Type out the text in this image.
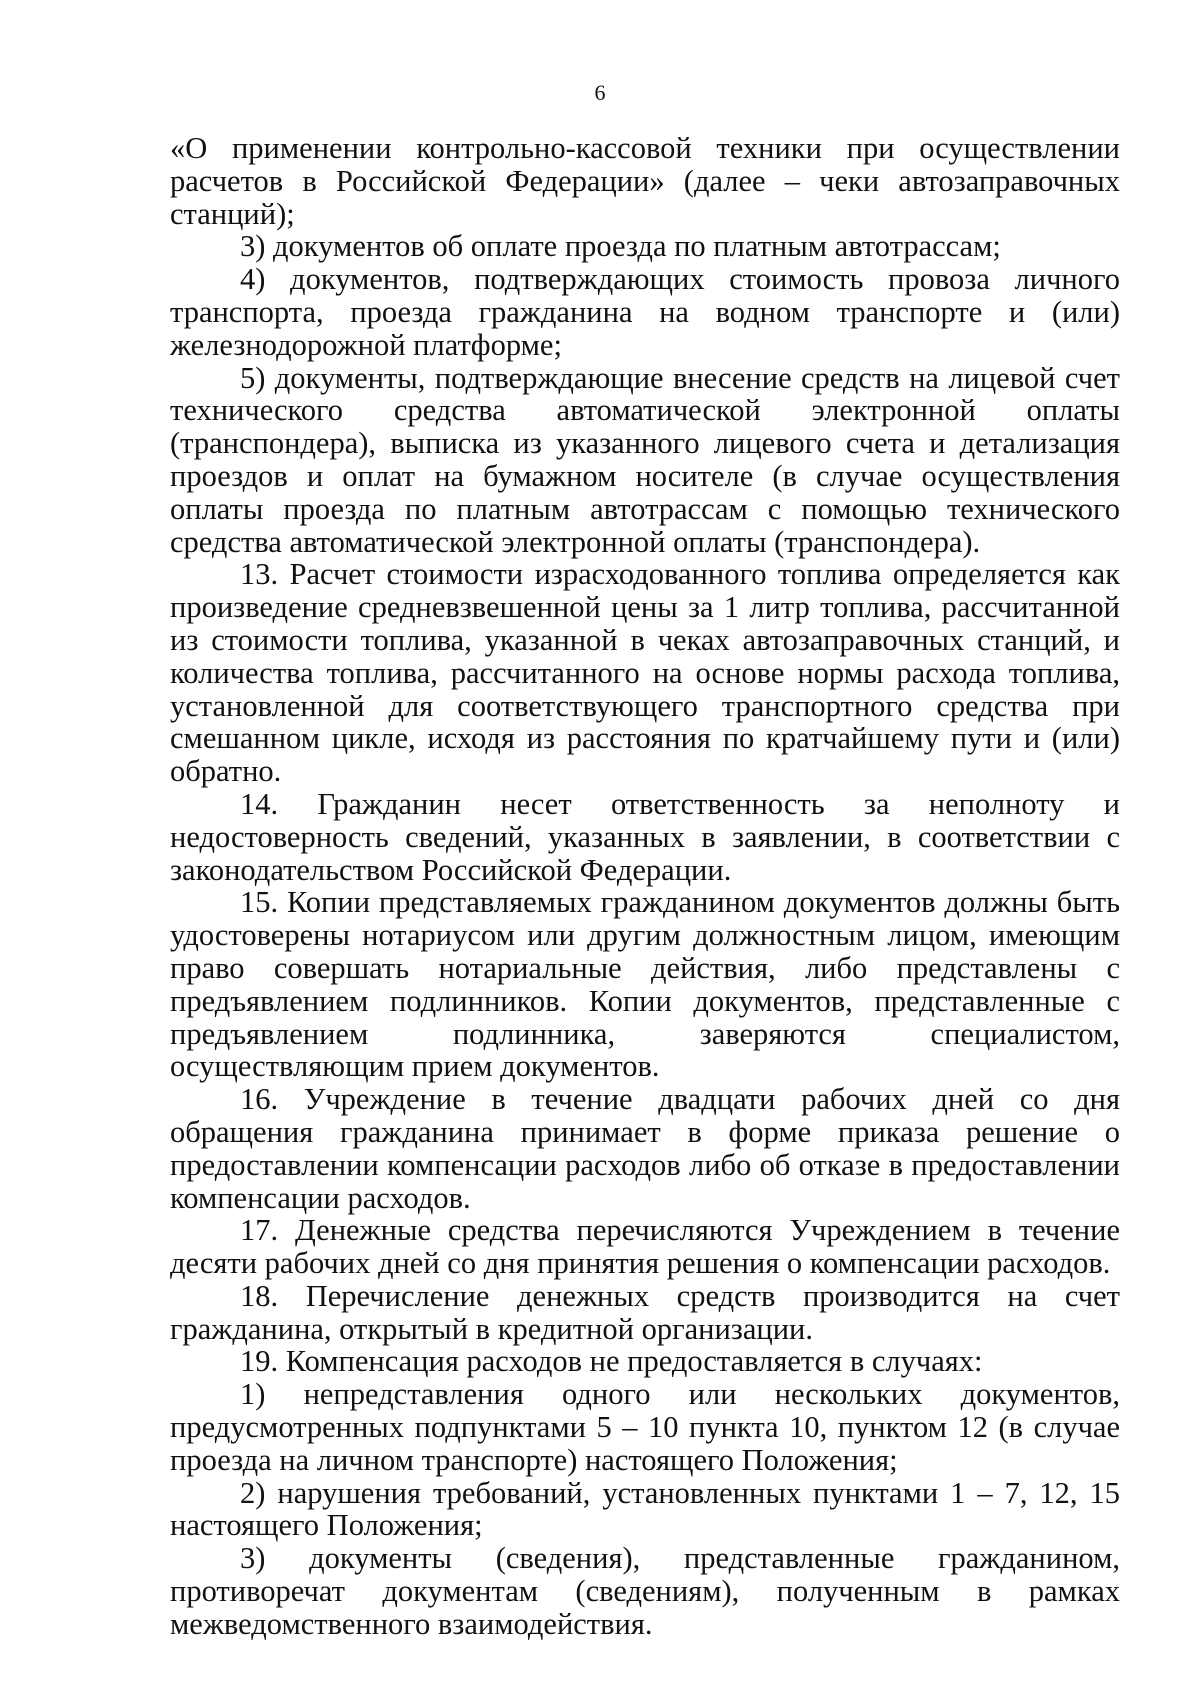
6

«О применении контрольно-кассовой техники при осуществлении расчетов в Российской Федерации» (далее – чеки автозаправочных станций);

3) документов об оплате проезда по платным автотрассам;

4) документов, подтверждающих стоимость провоза личного транспорта, проезда гражданина на водном транспорте и (или) железнодорожной платформе;

5) документы, подтверждающие внесение средств на лицевой счет технического средства автоматической электронной оплаты (транспондера), выписка из указанного лицевого счета и детализация проездов и оплат на бумажном носителе (в случае осуществления оплаты проезда по платным автотрассам с помощью технического средства автоматической электронной оплаты (транспондера).

13. Расчет стоимости израсходованного топлива определяется как произведение средневзвешенной цены за 1 литр топлива, рассчитанной из стоимости топлива, указанной в чеках автозаправочных станций, и количества топлива, рассчитанного на основе нормы расхода топлива, установленной для соответствующего транспортного средства при смешанном цикле, исходя из расстояния по кратчайшему пути и (или) обратно.

14. Гражданин несет ответственность за неполноту и недостоверность сведений, указанных в заявлении, в соответствии с законодательством Российской Федерации.

15. Копии представляемых гражданином документов должны быть удостоверены нотариусом или другим должностным лицом, имеющим право совершать нотариальные действия, либо представлены с предъявлением подлинников. Копии документов, представленные с предъявлением подлинника, заверяются специалистом, осуществляющим прием документов.

16. Учреждение в течение двадцати рабочих дней со дня обращения гражданина принимает в форме приказа решение о предоставлении компенсации расходов либо об отказе в предоставлении компенсации расходов.

17. Денежные средства перечисляются Учреждением в течение десяти рабочих дней со дня принятия решения о компенсации расходов.

18. Перечисление денежных средств производится на счет гражданина, открытый в кредитной организации.

19. Компенсация расходов не предоставляется в случаях:

1) непредставления одного или нескольких документов, предусмотренных подпунктами 5 – 10 пункта 10, пунктом 12 (в случае проезда на личном транспорте) настоящего Положения;

2) нарушения требований, установленных пунктами 1 – 7, 12, 15 настоящего Положения;

3) документы (сведения), представленные гражданином, противоречат документам (сведениям), полученным в рамках межведомственного взаимодействия.
